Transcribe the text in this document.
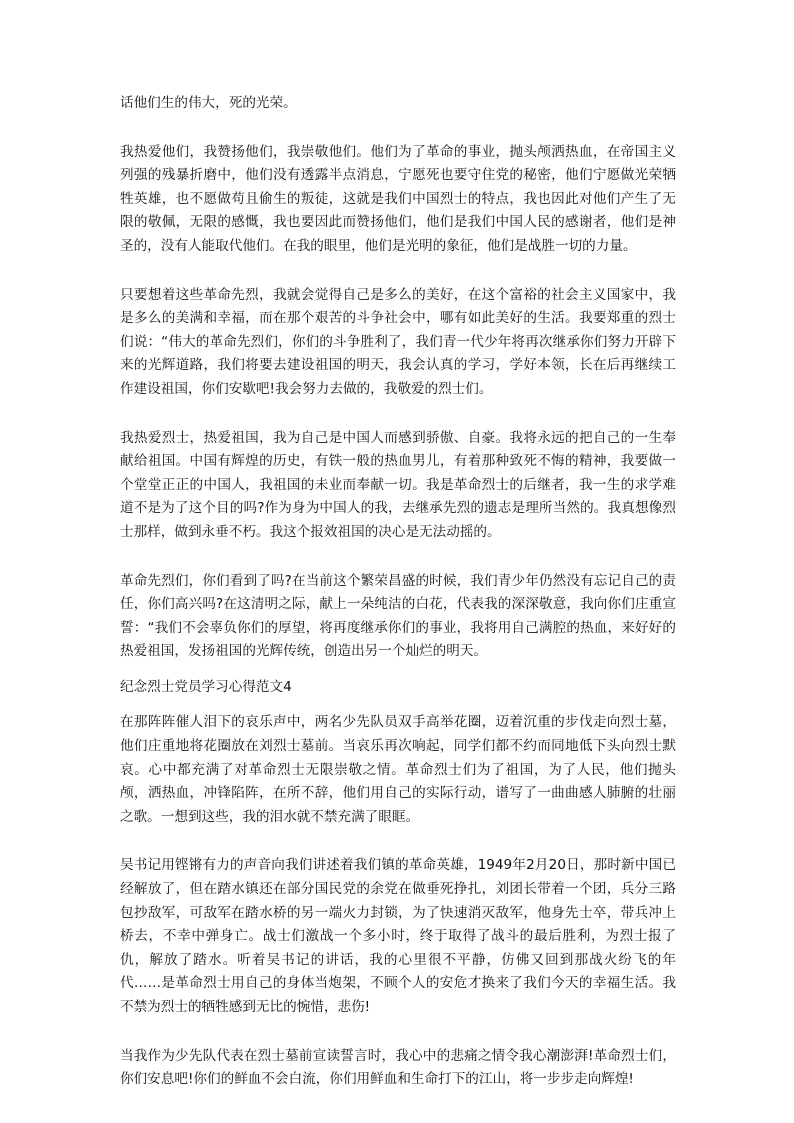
话他们生的伟大，死的光荣。

我热爱他们，我赞扬他们，我崇敬他们。他们为了革命的事业，抛头颅洒热血，在帝国主义列强的残暴折磨中，他们没有透露半点消息，宁愿死也要守住党的秘密，他们宁愿做光荣牺牲英雄，也不愿做苟且偷生的叛徒，这就是我们中国烈士的特点，我也因此对他们产生了无限的敬佩，无限的感慨，我也要因此而赞扬他们，他们是我们中国人民的感谢者，他们是神圣的，没有人能取代他们。在我的眼里，他们是光明的象征，他们是战胜一切的力量。

只要想着这些革命先烈，我就会觉得自己是多么的美好，在这个富裕的社会主义国家中，我是多么的美满和幸福，而在那个艰苦的斗争社会中，哪有如此美好的生活。我要郑重的烈士们说：“伟大的革命先烈们，你们的斗争胜利了，我们青一代少年将再次继承你们努力开辟下来的光辉道路，我们将要去建设祖国的明天，我会认真的学习，学好本领，长在后再继续工作建设祖国，你们安歇吧!我会努力去做的，我敬爱的烈士们。

我热爱烈士，热爱祖国，我为自己是中国人而感到骄傲、自豪。我将永远的把自己的一生奉献给祖国。中国有辉煌的历史，有铁一般的热血男儿，有着那种致死不悔的精神，我要做一个堂堂正正的中国人，我祖国的未业而奉献一切。我是革命烈士的后继者，我一生的求学难道不是为了这个目的吗?作为身为中国人的我，去继承先烈的遗志是理所当然的。我真想像烈士那样，做到永垂不朽。我这个报效祖国的决心是无法动摇的。

革命先烈们，你们看到了吗?在当前这个繁荣昌盛的时候，我们青少年仍然没有忘记自己的责任，你们高兴吗?在这清明之际，献上一朵纯洁的白花，代表我的深深敬意，我向你们庄重宣誓：“我们不会辜负你们的厚望，将再度继承你们的事业，我将用自己满腔的热血，来好好的热爱祖国，发扬祖国的光辉传统，创造出另一个灿烂的明天。

纪念烈士党员学习心得范文4

在那阵阵催人泪下的哀乐声中，两名少先队员双手高举花圈，迈着沉重的步伐走向烈士墓，他们庄重地将花圈放在刘烈士墓前。当哀乐再次响起，同学们都不约而同地低下头向烈士默哀。心中都充满了对革命烈士无限崇敬之情。革命烈士们为了祖国，为了人民，他们抛头颅，洒热血，冲锋陷阵，在所不辞，他们用自己的实际行动，谱写了一曲曲感人肺腑的壮丽之歌。一想到这些，我的泪水就不禁充满了眼眶。

吴书记用铿锵有力的声音向我们讲述着我们镇的革命英雄，1949年2月20日，那时新中国已经解放了，但在踏水镇还在部分国民党的余党在做垂死挣扎，刘团长带着一个团，兵分三路包抄敌军，可敌军在踏水桥的另一端火力封锁，为了快速消灭敌军，他身先士卒，带兵冲上桥去，不幸中弹身亡。战士们激战一个多小时，终于取得了战斗的最后胜利，为烈士报了仇，解放了踏水。听着吴书记的讲话，我的心里很不平静，仿佛又回到那战火纷飞的年代……是革命烈士用自己的身体当炮架，不顾个人的安危才换来了我们今天的幸福生活。我不禁为烈士的牺牲感到无比的惋惜，悲伤!

当我作为少先队代表在烈士墓前宣读誓言时，我心中的悲痛之情令我心潮澎湃!革命烈士们，你们安息吧!你们的鲜血不会白流，你们用鲜血和生命打下的江山，将一步步走向辉煌!
